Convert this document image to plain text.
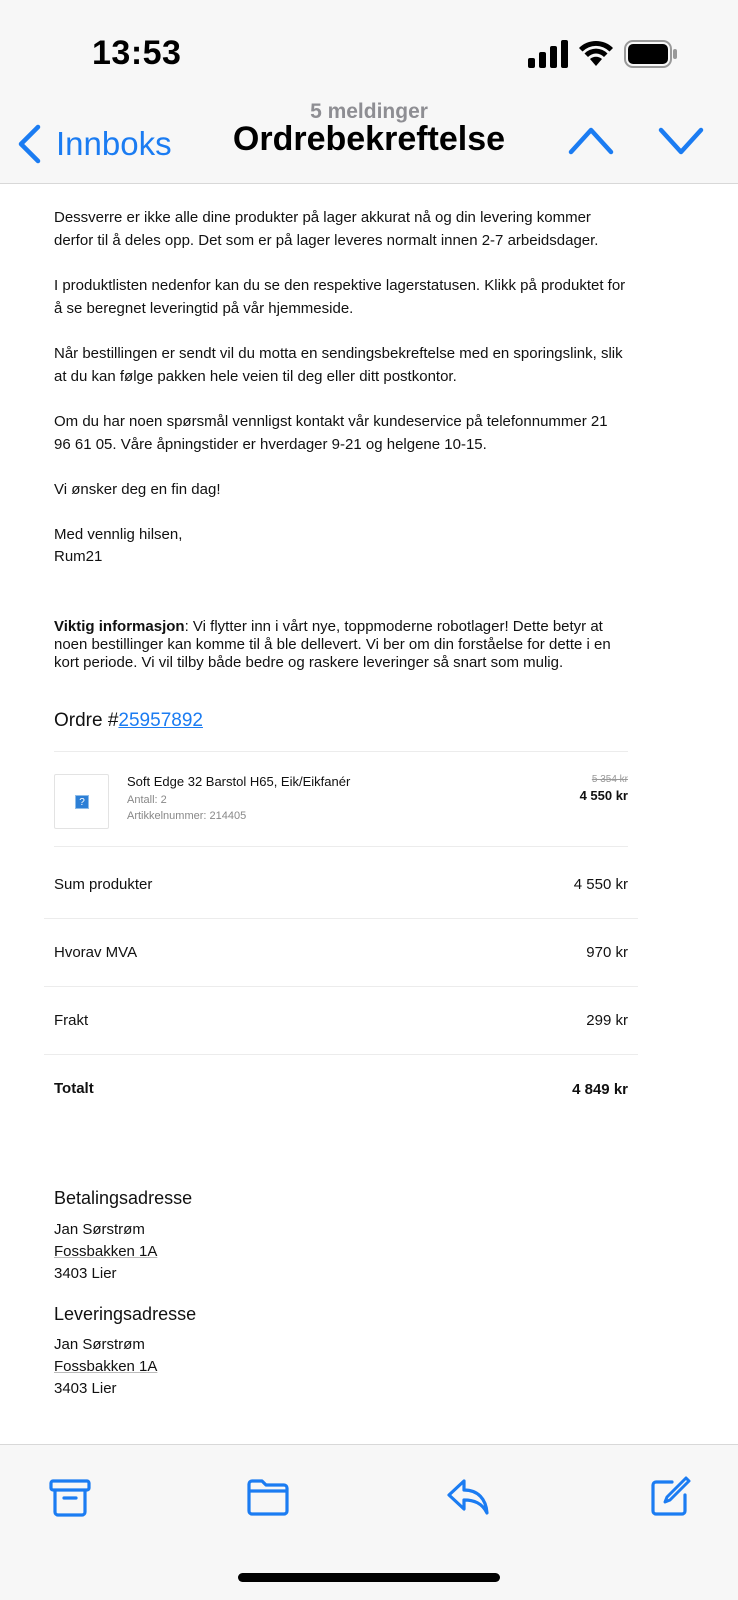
13:53
Innboks
5 meldinger
Ordrebekreftelse

Dessverre er ikke alle dine produkter på lager akkurat nå og din levering kommer derfor til å deles opp. Det som er på lager leveres normalt innen 2-7 arbeidsdager.

I produktlisten nedenfor kan du se den respektive lagerstatusen. Klikk på produktet for å se beregnet leveringtid på vår hjemmeside.

Når bestillingen er sendt vil du motta en sendingsbekreftelse med en sporingslink, slik at du kan følge pakken hele veien til deg eller ditt postkontor.

Om du har noen spørsmål vennligst kontakt vår kundeservice på telefonnummer 21 96 61 05. Våre åpningstider er hverdager 9-21 og helgene 10-15.

Vi ønsker deg en fin dag!

Med vennlig hilsen,

Rum21

Viktig informasjon: Vi flytter inn i vårt nye, toppmoderne robotlager! Dette betyr at noen bestillinger kan komme til å ble dellevert. Vi ber om din forståelse for dette i en kort periode. Vi vil tilby både bedre og raskere leveringer så snart som mulig.

Ordre #25957892
?
Soft Edge 32 Barstol H65, Eik/Eikfanér
Antall: 2
Artikkelnummer: 214405
5 354 kr
4 550 kr
Sum produkter	4 550 kr
Hvorav MVA	970 kr
Frakt	299 kr
Totalt	4 849 kr
Betalingsadresse
Jan Sørstrøm
Fossbakken 1A
3403 Lier
Leveringsadresse
Jan Sørstrøm
Fossbakken 1A
3403 Lier
